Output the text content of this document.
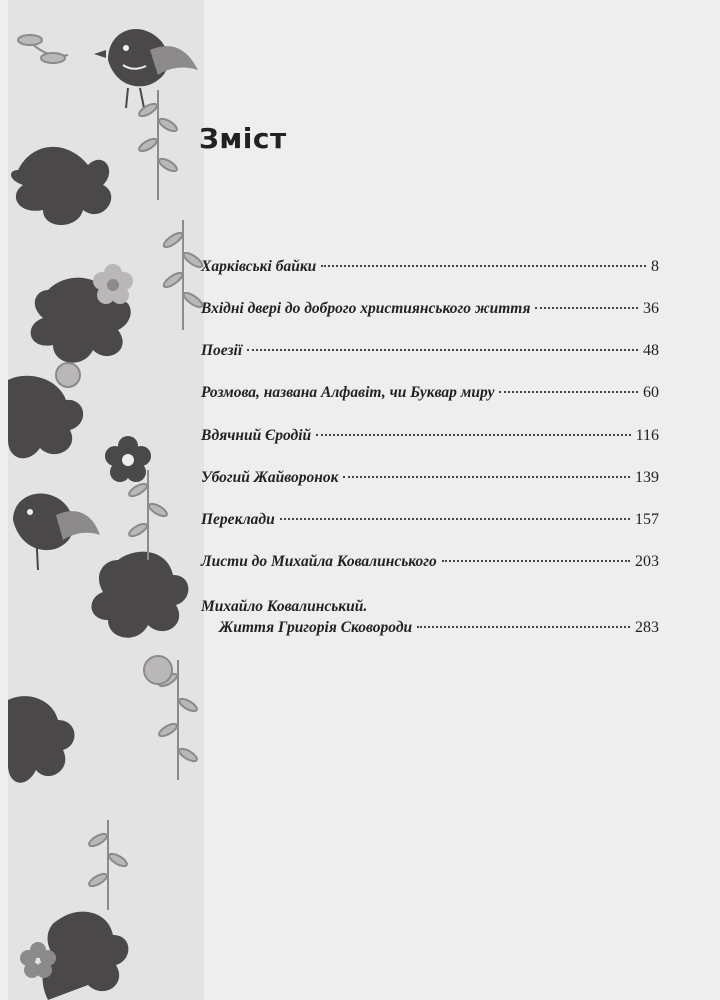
Зміст
Харківські байки	8
Вхідні двері до доброго християнського життя	36
Поезії	48
Розмова, названа Алфавіт, чи Буквар миру	60
Вдячний Єродій	116
Убогий Жайворонок	139
Переклади	157
Листи до Михайла Ковалинського	203
Михайло Ковалинський.
Життя Григорія Сковороди	283
